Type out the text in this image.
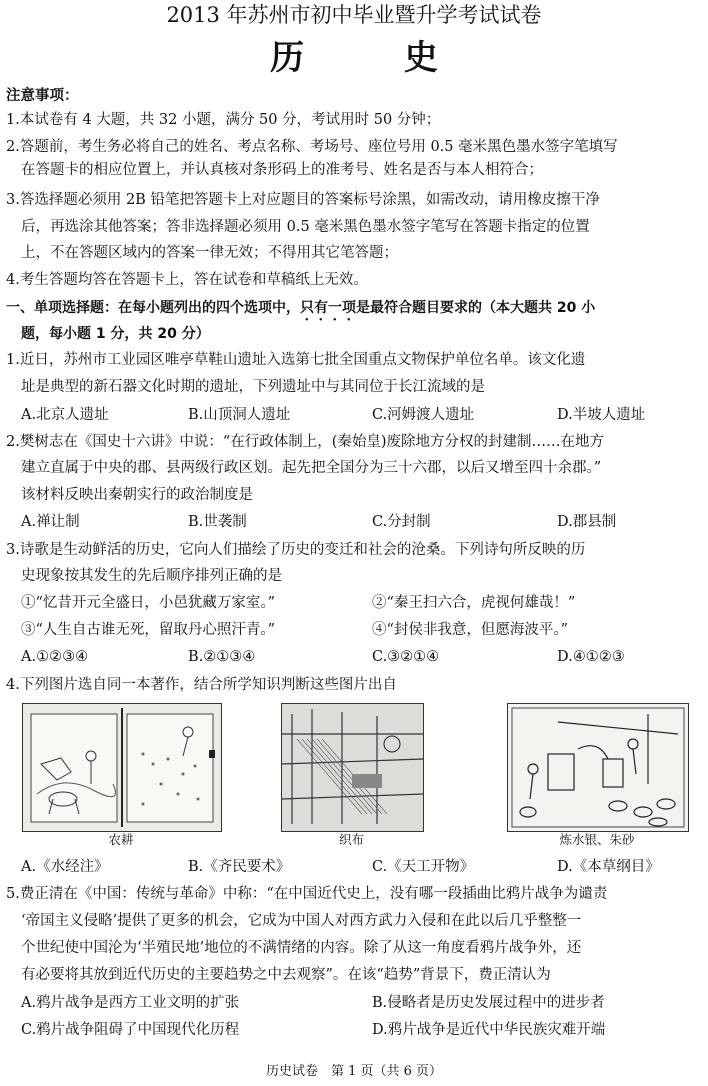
2013 年苏州市初中毕业暨升学考试试卷
历 史
注意事项：
1.本试卷有 4 大题，共 32 小题，满分 50 分，考试用时 50 分钟；
2.答题前，考生务必将自己的姓名、考点名称、考场号、座位号用 0.5 毫米黑色墨水签字笔填写
在答题卡的相应位置上，并认真核对条形码上的准考号、姓名是否与本人相符合；
3.答选择题必须用 2B 铅笔把答题卡上对应题目的答案标号涂黑，如需改动，请用橡皮擦干净
后，再选涂其他答案；答非选择题必须用 0.5 毫米黑色墨水签字笔写在答题卡指定的位置
上，不在答题区域内的答案一律无效；不得用其它笔答题；
4.考生答题均答在答题卡上，答在试卷和草稿纸上无效。
一、单项选择题：在每小题列出的四个选项中，只有一项是最符合题目要求的（本大题共 20 小
题，每小题 1 分，共 20 分）
1.近日，苏州市工业园区唯亭草鞋山遗址入选第七批全国重点文物保护单位名单。该文化遗
址是典型的新石器文化时期的遗址，下列遗址中与其同位于长江流域的是
A.北京人遗址	B.山顶洞人遗址	C.河姆渡人遗址	D.半坡人遗址
2.樊树志在《国史十六讲》中说：“在行政体制上，(秦始皇)废除地方分权的封建制……在地方
建立直属于中央的郡、县两级行政区划。起先把全国分为三十六郡，以后又增至四十余郡。”
该材料反映出秦朝实行的政治制度是
A.禅让制	B.世袭制	C.分封制	D.郡县制
3.诗歌是生动鲜活的历史，它向人们描绘了历史的变迁和社会的沧桑。下列诗句所反映的历
史现象按其发生的先后顺序排列正确的是
①“忆昔开元全盛日，小邑犹藏万家室。”	②“秦王扫六合，虎视何雄哉！”
③“人生自古谁无死，留取丹心照汗青。”	④“封侯非我意，但愿海波平。”
A.①②③④	B.②①③④	C.③②①④	D.④①②③
4.下列图片选自同一本著作，结合所学知识判断这些图片出自
农耕	织布	炼水银、朱砂
A.《水经注》	B.《齐民要术》	C.《天工开物》	D.《本草纲目》
5.费正清在《中国：传统与革命》中称：“在中国近代史上，没有哪一段插曲比鸦片战争为谴责
‘帝国主义侵略’提供了更多的机会，它成为中国人对西方武力入侵和在此以后几乎整整一
个世纪使中国沦为‘半殖民地’地位的不满情绪的内容。除了从这一角度看鸦片战争外，还
有必要将其放到近代历史的主要趋势之中去观察”。在该“趋势”背景下，费正清认为
A.鸦片战争是西方工业文明的扩张	B.侵略者是历史发展过程中的进步者
C.鸦片战争阻碍了中国现代化历程	D.鸦片战争是近代中华民族灾难开端
历史试卷　第 1 页（共 6 页）
